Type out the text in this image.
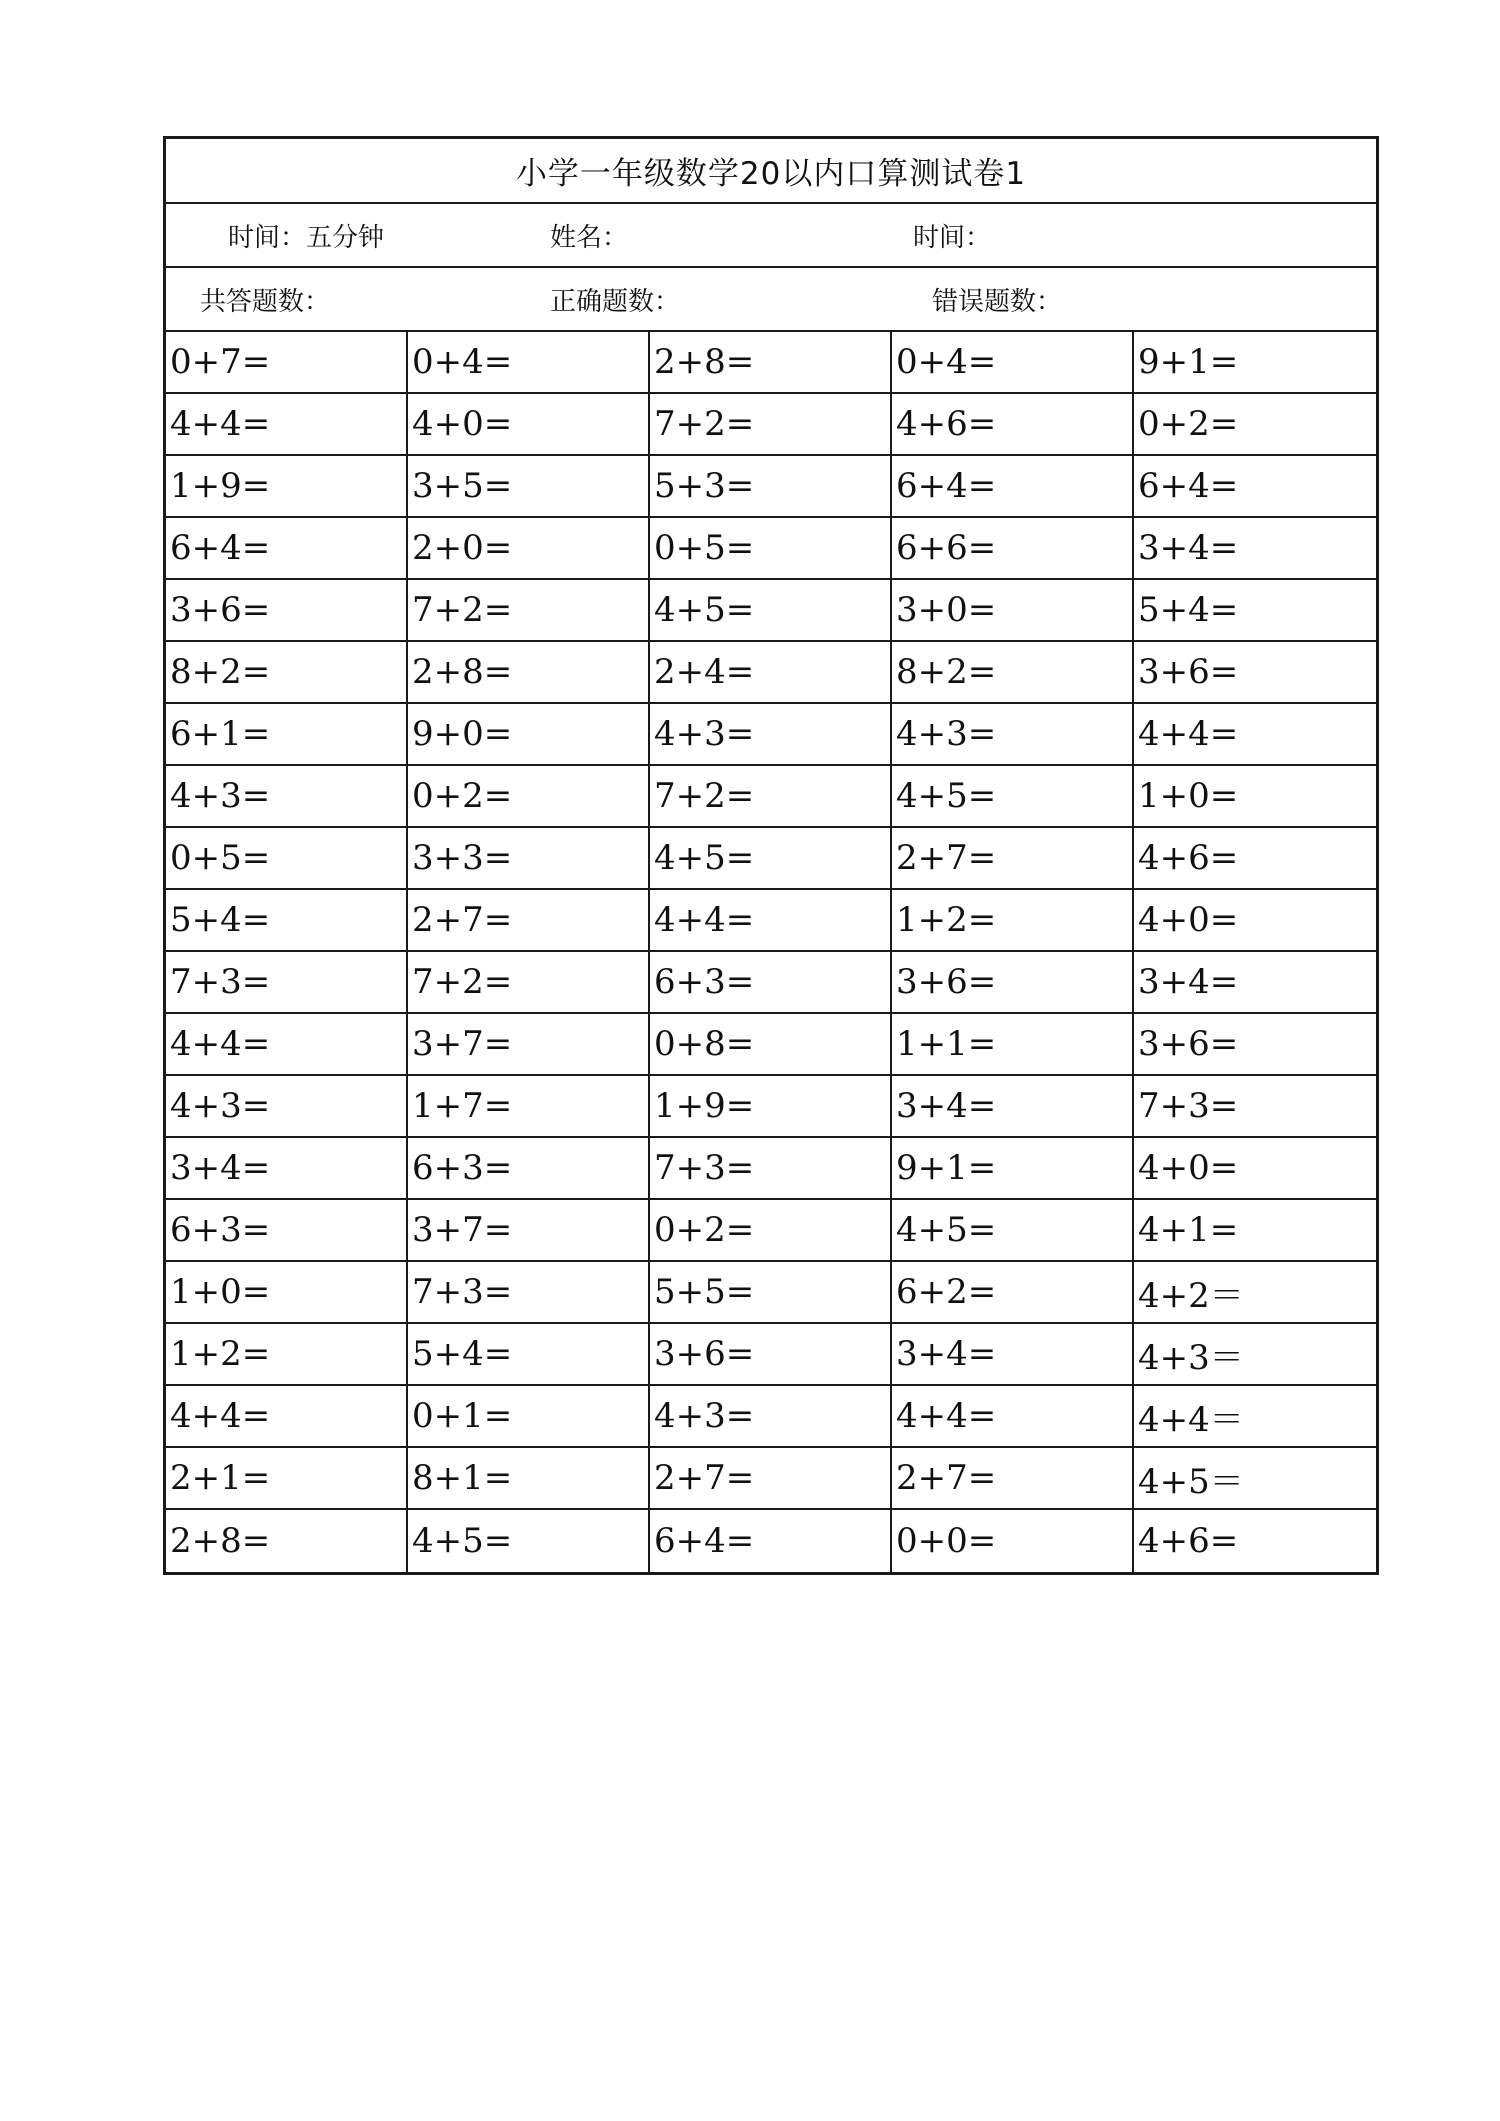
小学一年级数学20以内口算测试卷1
时间：五分钟	姓名：	时间：
共答题数：	正确题数：	错误题数：
0+7=	0+4=	2+8=	0+4=	9+1=
4+4=	4+0=	7+2=	4+6=	0+2=
1+9=	3+5=	5+3=	6+4=	6+4=
6+4=	2+0=	0+5=	6+6=	3+4=
3+6=	7+2=	4+5=	3+0=	5+4=
8+2=	2+8=	2+4=	8+2=	3+6=
6+1=	9+0=	4+3=	4+3=	4+4=
4+3=	0+2=	7+2=	4+5=	1+0=
0+5=	3+3=	4+5=	2+7=	4+6=
5+4=	2+7=	4+4=	1+2=	4+0=
7+3=	7+2=	6+3=	3+6=	3+4=
4+4=	3+7=	0+8=	1+1=	3+6=
4+3=	1+7=	1+9=	3+4=	7+3=
3+4=	6+3=	7+3=	9+1=	4+0=
6+3=	3+7=	0+2=	4+5=	4+1=
1+0=	7+3=	5+5=	6+2=	4+2＝
1+2=	5+4=	3+6=	3+4=	4+3＝
4+4=	0+1=	4+3=	4+4=	4+4＝
2+1=	8+1=	2+7=	2+7=	4+5＝
2+8=	4+5=	6+4=	0+0=	4+6=
